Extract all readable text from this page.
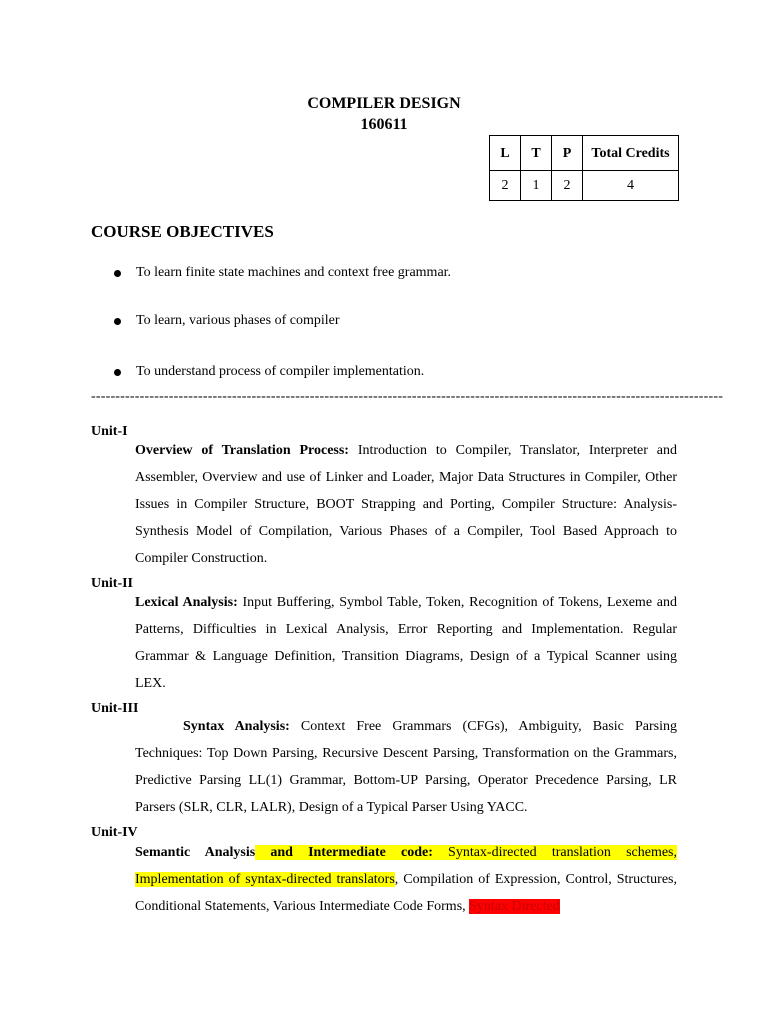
COMPILER DESIGN
160611
L	T	P	Total Credits
2	1	2	4
COURSE OBJECTIVES
To learn finite state machines and context free grammar.
To learn, various phases of compiler
To understand process of compiler implementation.
----------------------------------------------------------------------------------------------------------------------------------
Unit-I
Overview of Translation Process: Introduction to Compiler, Translator, Interpreter and Assembler, Overview and use of Linker and Loader, Major Data Structures in Compiler, Other Issues in Compiler Structure, BOOT Strapping and Porting, Compiler Structure: Analysis-Synthesis Model of Compilation, Various Phases of a Compiler, Tool Based Approach to Compiler Construction.
Unit-II
Lexical Analysis: Input Buffering, Symbol Table, Token, Recognition of Tokens, Lexeme and Patterns, Difficulties in Lexical Analysis, Error Reporting and Implementation. Regular Grammar & Language Definition, Transition Diagrams, Design of a Typical Scanner using LEX.
Unit-III
Syntax Analysis: Context Free Grammars (CFGs), Ambiguity, Basic Parsing Techniques: Top Down Parsing, Recursive Descent Parsing, Transformation on the Grammars, Predictive Parsing LL(1) Grammar, Bottom-UP Parsing, Operator Precedence Parsing, LR Parsers (SLR, CLR, LALR), Design of a Typical Parser Using YACC.
Unit-IV
Semantic Analysis and Intermediate code: Syntax-directed translation schemes, Implementation of syntax-directed translators, Compilation of Expression, Control, Structures, Conditional Statements, Various Intermediate Code Forms, Syntax Directed
